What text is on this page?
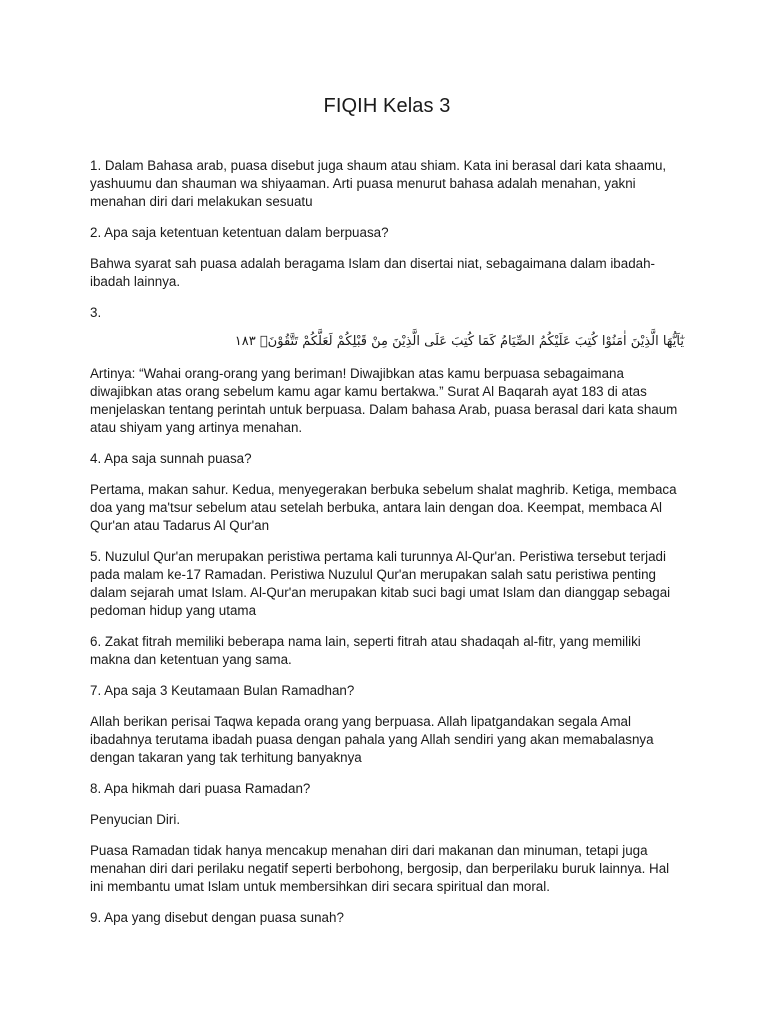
FIQIH Kelas 3

1. Dalam Bahasa arab, puasa disebut juga shaum atau shiam. Kata ini berasal dari kata shaamu, yashuumu dan shauman wa shiyaaman. Arti puasa menurut bahasa adalah menahan, yakni menahan diri dari melakukan sesuatu

2. Apa saja ketentuan ketentuan dalam berpuasa?

Bahwa syarat sah puasa adalah beragama Islam dan disertai niat, sebagaimana dalam ibadah-ibadah lainnya.

3.

يٰٓاَيُّهَا الَّذِيْنَ اٰمَنُوْا كُتِبَ عَلَيْكُمُ الصِّيَامُ كَمَا كُتِبَ عَلَى الَّذِيْنَ مِنْ قَبْلِكُمْ لَعَلَّكُمْ تَتَّقُوْنَۙ ١٨٣

Artinya: “Wahai orang-orang yang beriman! Diwajibkan atas kamu berpuasa sebagaimana diwajibkan atas orang sebelum kamu agar kamu bertakwa.” Surat Al Baqarah ayat 183 di atas menjelaskan tentang perintah untuk berpuasa. Dalam bahasa Arab, puasa berasal dari kata shaum atau shiyam yang artinya menahan.

4. Apa saja sunnah puasa?

Pertama, makan sahur. Kedua, menyegerakan berbuka sebelum shalat maghrib. Ketiga, membaca doa yang ma'tsur sebelum atau setelah berbuka, antara lain dengan doa. Keempat, membaca Al Qur'an atau Tadarus Al Qur'an

5. Nuzulul Qur'an merupakan peristiwa pertama kali turunnya Al-Qur'an. Peristiwa tersebut terjadi pada malam ke-17 Ramadan. Peristiwa Nuzulul Qur'an merupakan salah satu peristiwa penting dalam sejarah umat Islam. Al-Qur'an merupakan kitab suci bagi umat Islam dan dianggap sebagai pedoman hidup yang utama

6. Zakat fitrah memiliki beberapa nama lain, seperti fitrah atau shadaqah al-fitr, yang memiliki makna dan ketentuan yang sama.

7. Apa saja 3 Keutamaan Bulan Ramadhan?

Allah berikan perisai Taqwa kepada orang yang berpuasa. Allah lipatgandakan segala Amal ibadahnya terutama ibadah puasa dengan pahala yang Allah sendiri yang akan memabalasnya dengan takaran yang tak terhitung banyaknya

8. Apa hikmah dari puasa Ramadan?

Penyucian Diri.

Puasa Ramadan tidak hanya mencakup menahan diri dari makanan dan minuman, tetapi juga menahan diri dari perilaku negatif seperti berbohong, bergosip, dan berperilaku buruk lainnya. Hal ini membantu umat Islam untuk membersihkan diri secara spiritual dan moral.

9. Apa yang disebut dengan puasa sunah?
